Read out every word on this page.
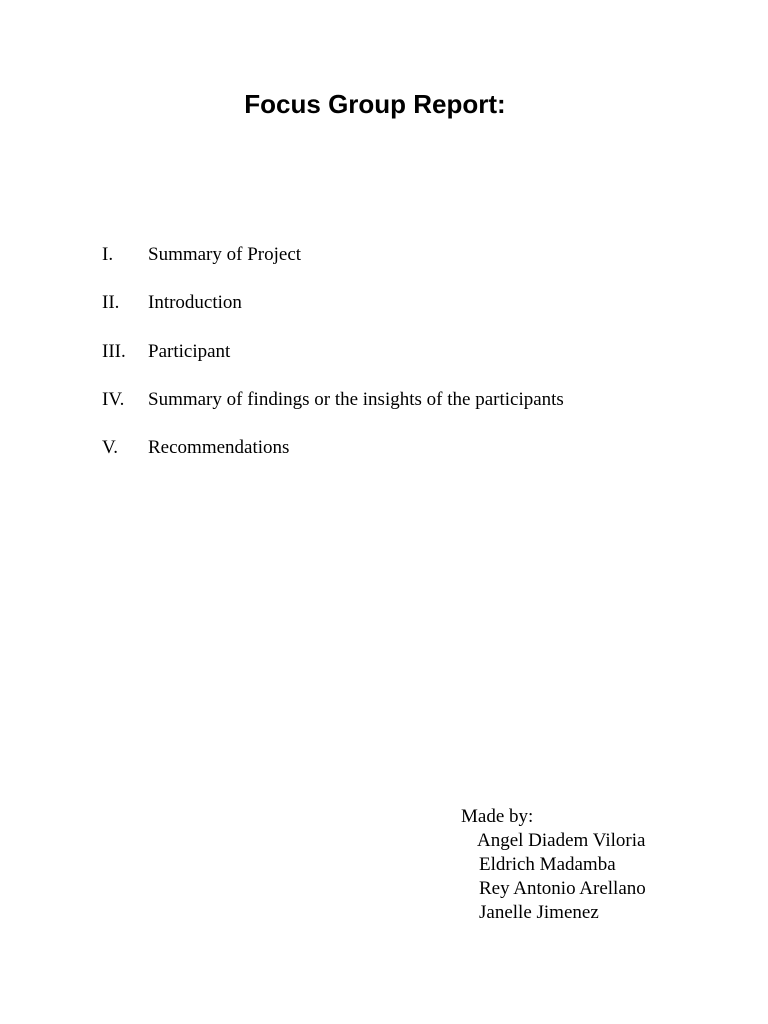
Focus Group Report:
I.	Summary of Project
II.	Introduction
III.	Participant
IV.	Summary of findings or the insights of the participants
V.	Recommendations
Made by:
Angel Diadem Viloria
Eldrich Madamba
Rey Antonio Arellano
Janelle Jimenez
